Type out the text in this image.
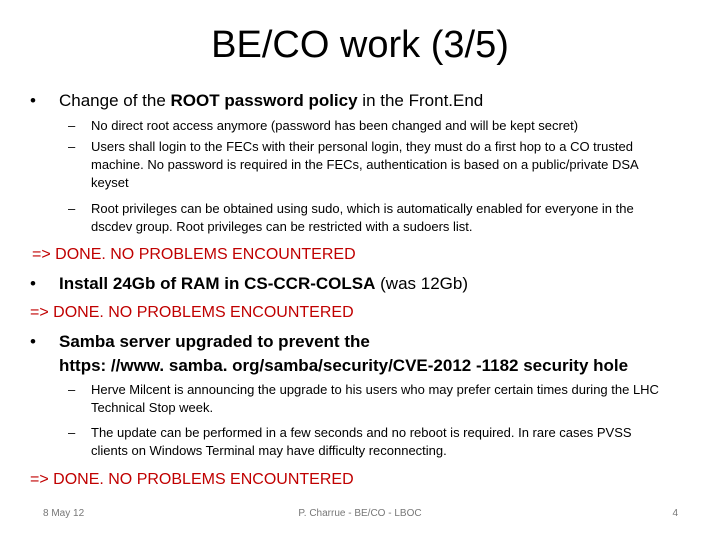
BE/CO work (3/5)
• Change of the ROOT password policy in the Front.End
– No direct root access anymore (password has been changed and will be kept secret)
– Users shall login to the FECs with their personal login, they must do a first hop to a CO trusted machine. No password is required in the FECs, authentication is based on a public/private DSA keyset
– Root privileges can be obtained using sudo, which is automatically enabled for everyone in the dscdev group. Root privileges can be restricted with a sudoers list.
=> DONE. NO PROBLEMS ENCOUNTERED
• Install 24Gb of RAM in CS-CCR-COLSA (was 12Gb)
=> DONE. NO PROBLEMS ENCOUNTERED
• Samba server upgraded to prevent the
https: //www. samba. org/samba/security/CVE-2012 -1182 security hole
– Herve Milcent is announcing the upgrade to his users who may prefer certain times during the LHC Technical Stop week.
– The update can be performed in a few seconds and no reboot is required. In rare cases PVSS clients on Windows Terminal may have difficulty reconnecting.
=> DONE. NO PROBLEMS ENCOUNTERED
8 May 12	P. Charrue - BE/CO - LBOC	4
